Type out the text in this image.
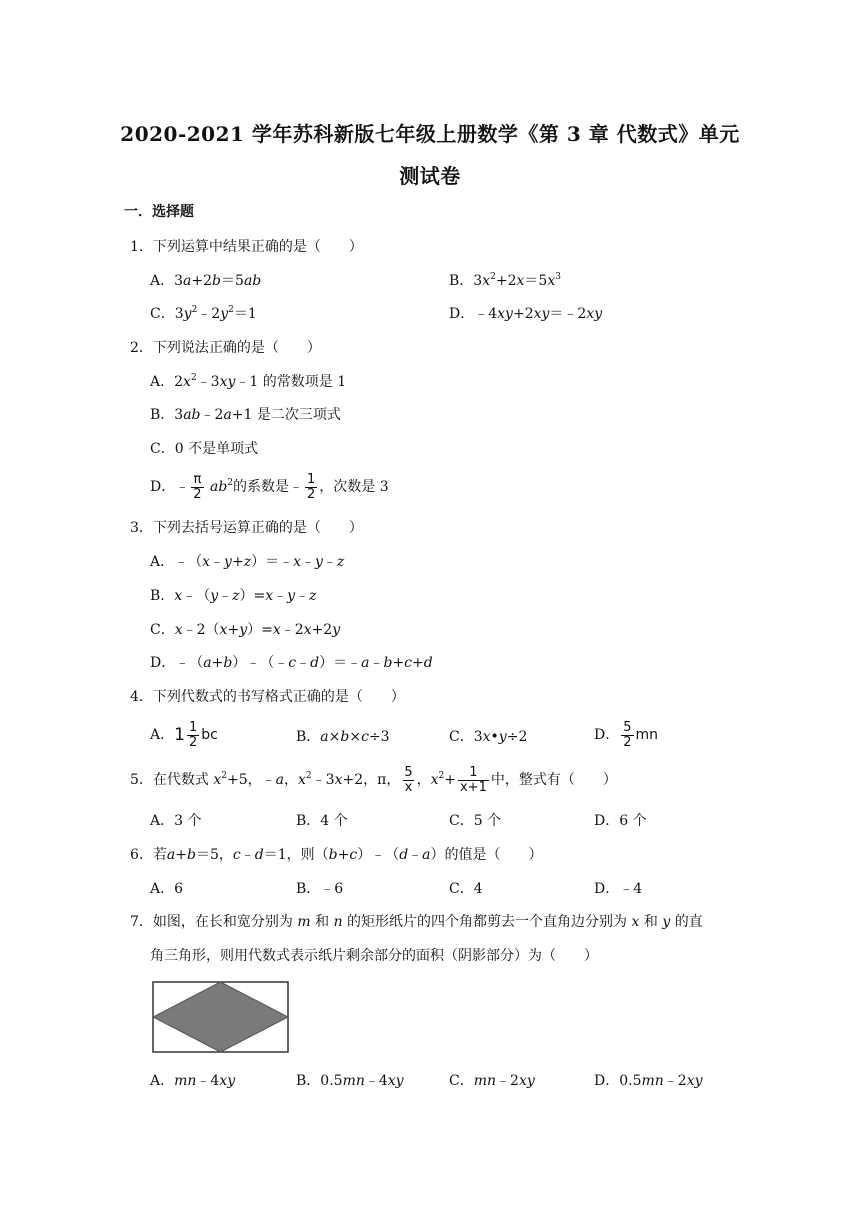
2020-2021 学年苏科新版七年级上册数学《第 3 章 代数式》单元
测试卷
一．选择题
1．下列运算中结果正确的是（　　）
A．3a+2b＝5ab	B．$3x^2+2x=5x^3$
C．$3y^2﹣2y^2=1$	D．﹣4xy+2xy＝﹣2xy
2．下列说法正确的是（　　）
A．$2x^2﹣3xy﹣1$ 的常数项是 1
B．3ab﹣2a+1 是二次三项式
C．0 不是单项式
D．﹣ $\frac{\pi}{2} ab^2$的系数是﹣ $\frac{1}{2}$ ，次数是 3
3．下列去括号运算正确的是（　　）
A．﹣（x﹣y+z）＝﹣x﹣y﹣z
B．x﹣（y﹣z）=x﹣y﹣z
C．x﹣2（x+y）=x﹣2x+2y
D．﹣（a+b）﹣（﹣c﹣d）＝﹣a﹣b+c+d
4．下列代数式的书写格式正确的是（　　）
A．$1 \frac{1}{2}$ bc	B．a×b×c÷3	C．3x•y÷2	D． $\frac{5}{2}$ mn
5．在代数式 $x^2+5$，﹣a，$x^2﹣3x+2$，π， $\frac{5}{x}$ ，$x^2+ \frac{1}{x+1}$ 中，整式有（　　）
A．3 个	B．4 个	C．5 个	D．6 个
6．若a+b＝5，c﹣d＝1，则（b+c）﹣（d﹣a）的值是（　　）
A．6	B．﹣6	C．4	D．﹣4
7．如图，在长和宽分别为 m 和 n 的矩形纸片的四个角都剪去一个直角边分别为 x 和 y 的直
角三角形，则用代数式表示纸片剩余部分的面积（阴影部分）为（　　）
A．mn﹣4xy	B．0.5mn﹣4xy	C．mn﹣2xy	D．0.5mn﹣2xy
